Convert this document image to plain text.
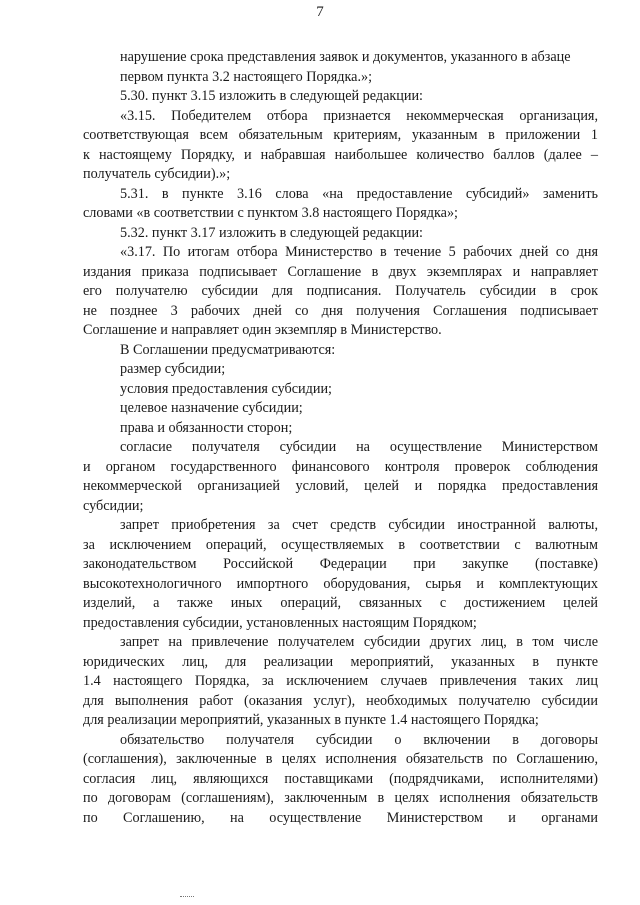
7
нарушение срока представления заявок и документов, указанного в абзаце
первом пункта 3.2 настоящего Порядка.»;
5.30. пункт 3.15 изложить в следующей редакции:
«3.15. Победителем отбора признается некоммерческая организация,
соответствующая всем обязательным критериям, указанным в приложении 1
к настоящему Порядку, и набравшая наибольшее количество баллов (далее –
получатель субсидии).»;
5.31. в пункте 3.16 слова «на предоставление субсидий» заменить
словами «в соответствии с пунктом 3.8 настоящего Порядка»;
5.32. пункт 3.17 изложить в следующей редакции:
«3.17. По итогам отбора Министерство в течение 5 рабочих дней со дня
издания приказа подписывает Соглашение в двух экземплярах и направляет
его получателю субсидии для подписания. Получатель субсидии в срок
не позднее 3 рабочих дней со дня получения Соглашения подписывает
Соглашение и направляет один экземпляр в Министерство.
В Соглашении предусматриваются:
размер субсидии;
условия предоставления субсидии;
целевое назначение субсидии;
права и обязанности сторон;
согласие получателя субсидии на осуществление Министерством
и органом государственного финансового контроля проверок соблюдения
некоммерческой организацией условий, целей и порядка предоставления
субсидии;
запрет приобретения за счет средств субсидии иностранной валюты,
за исключением операций, осуществляемых в соответствии с валютным
законодательством Российской Федерации при закупке (поставке)
высокотехнологичного импортного оборудования, сырья и комплектующих
изделий, а также иных операций, связанных с достижением целей
предоставления субсидии, установленных настоящим Порядком;
запрет на привлечение получателем субсидии других лиц, в том числе
юридических лиц, для реализации мероприятий, указанных в пункте
1.4 настоящего Порядка, за исключением случаев привлечения таких лиц
для выполнения работ (оказания услуг), необходимых получателю субсидии
для реализации мероприятий, указанных в пункте 1.4 настоящего Порядка;
обязательство получателя субсидии о включении в договоры
(соглашения), заключенные в целях исполнения обязательств по Соглашению,
согласия лиц, являющихся поставщиками (подрядчиками, исполнителями)
по договорам (соглашениям), заключенным в целях исполнения обязательств
по Соглашению, на осуществление Министерством и органами
